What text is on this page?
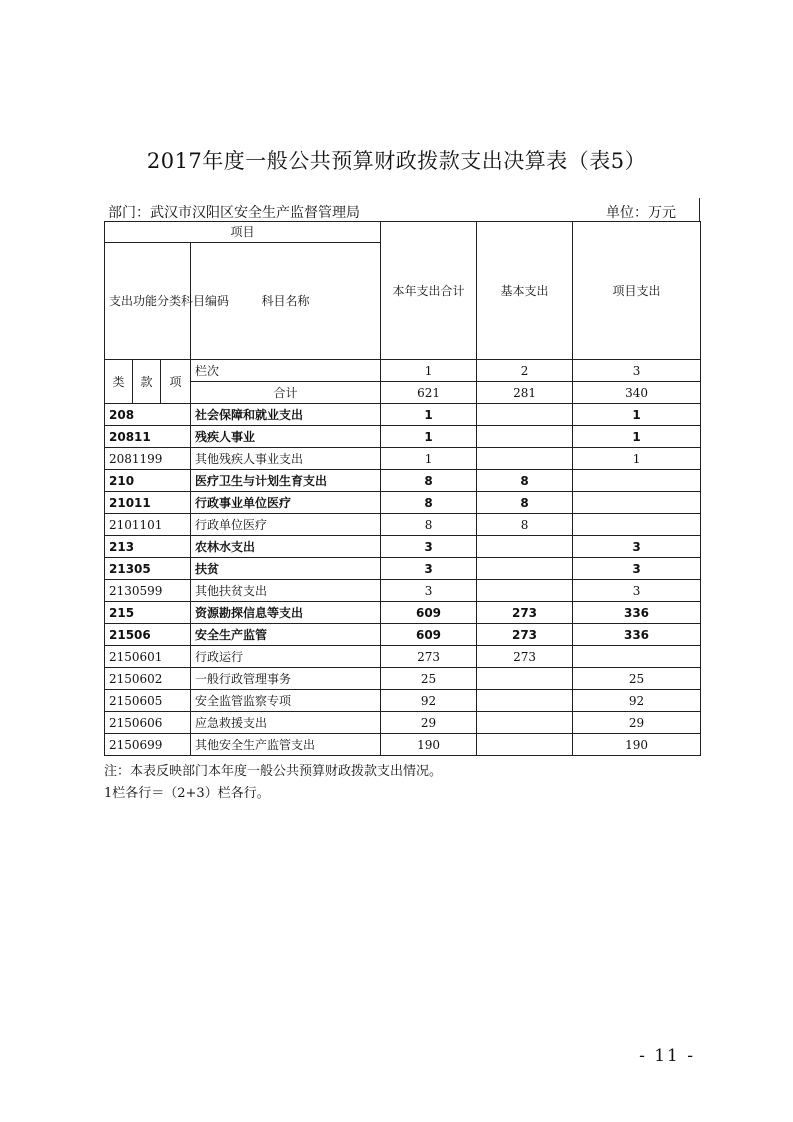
2017年度一般公共预算财政拨款支出决算表（表5）
部门：武汉市汉阳区安全生产监督管理局	单位：万元
项目				本年支出合计	基本支出	项目支出
支出功能分类科目编码			科目名称			
类	款	项	栏次	1	2	3
			合计	621	281	340
208			社会保障和就业支出	1		1
20811			残疾人事业	1		1
2081199			其他残疾人事业支出	1		1
210			医疗卫生与计划生育支出	8	8	
21011			行政事业单位医疗	8	8	
2101101			行政单位医疗	8	8	
213			农林水支出	3		3
21305			扶贫	3		3
2130599			其他扶贫支出	3		3
215			资源勘探信息等支出	609	273	336
21506			安全生产监管	609	273	336
2150601			行政运行	273	273	
2150602			一般行政管理事务	25		25
2150605			安全监管监察专项	92		92
2150606			应急救援支出	29		29
2150699			其他安全生产监管支出	190		190
注：本表反映部门本年度一般公共预算财政拨款支出情况。
1栏各行＝（2+3）栏各行。
- 11 -
